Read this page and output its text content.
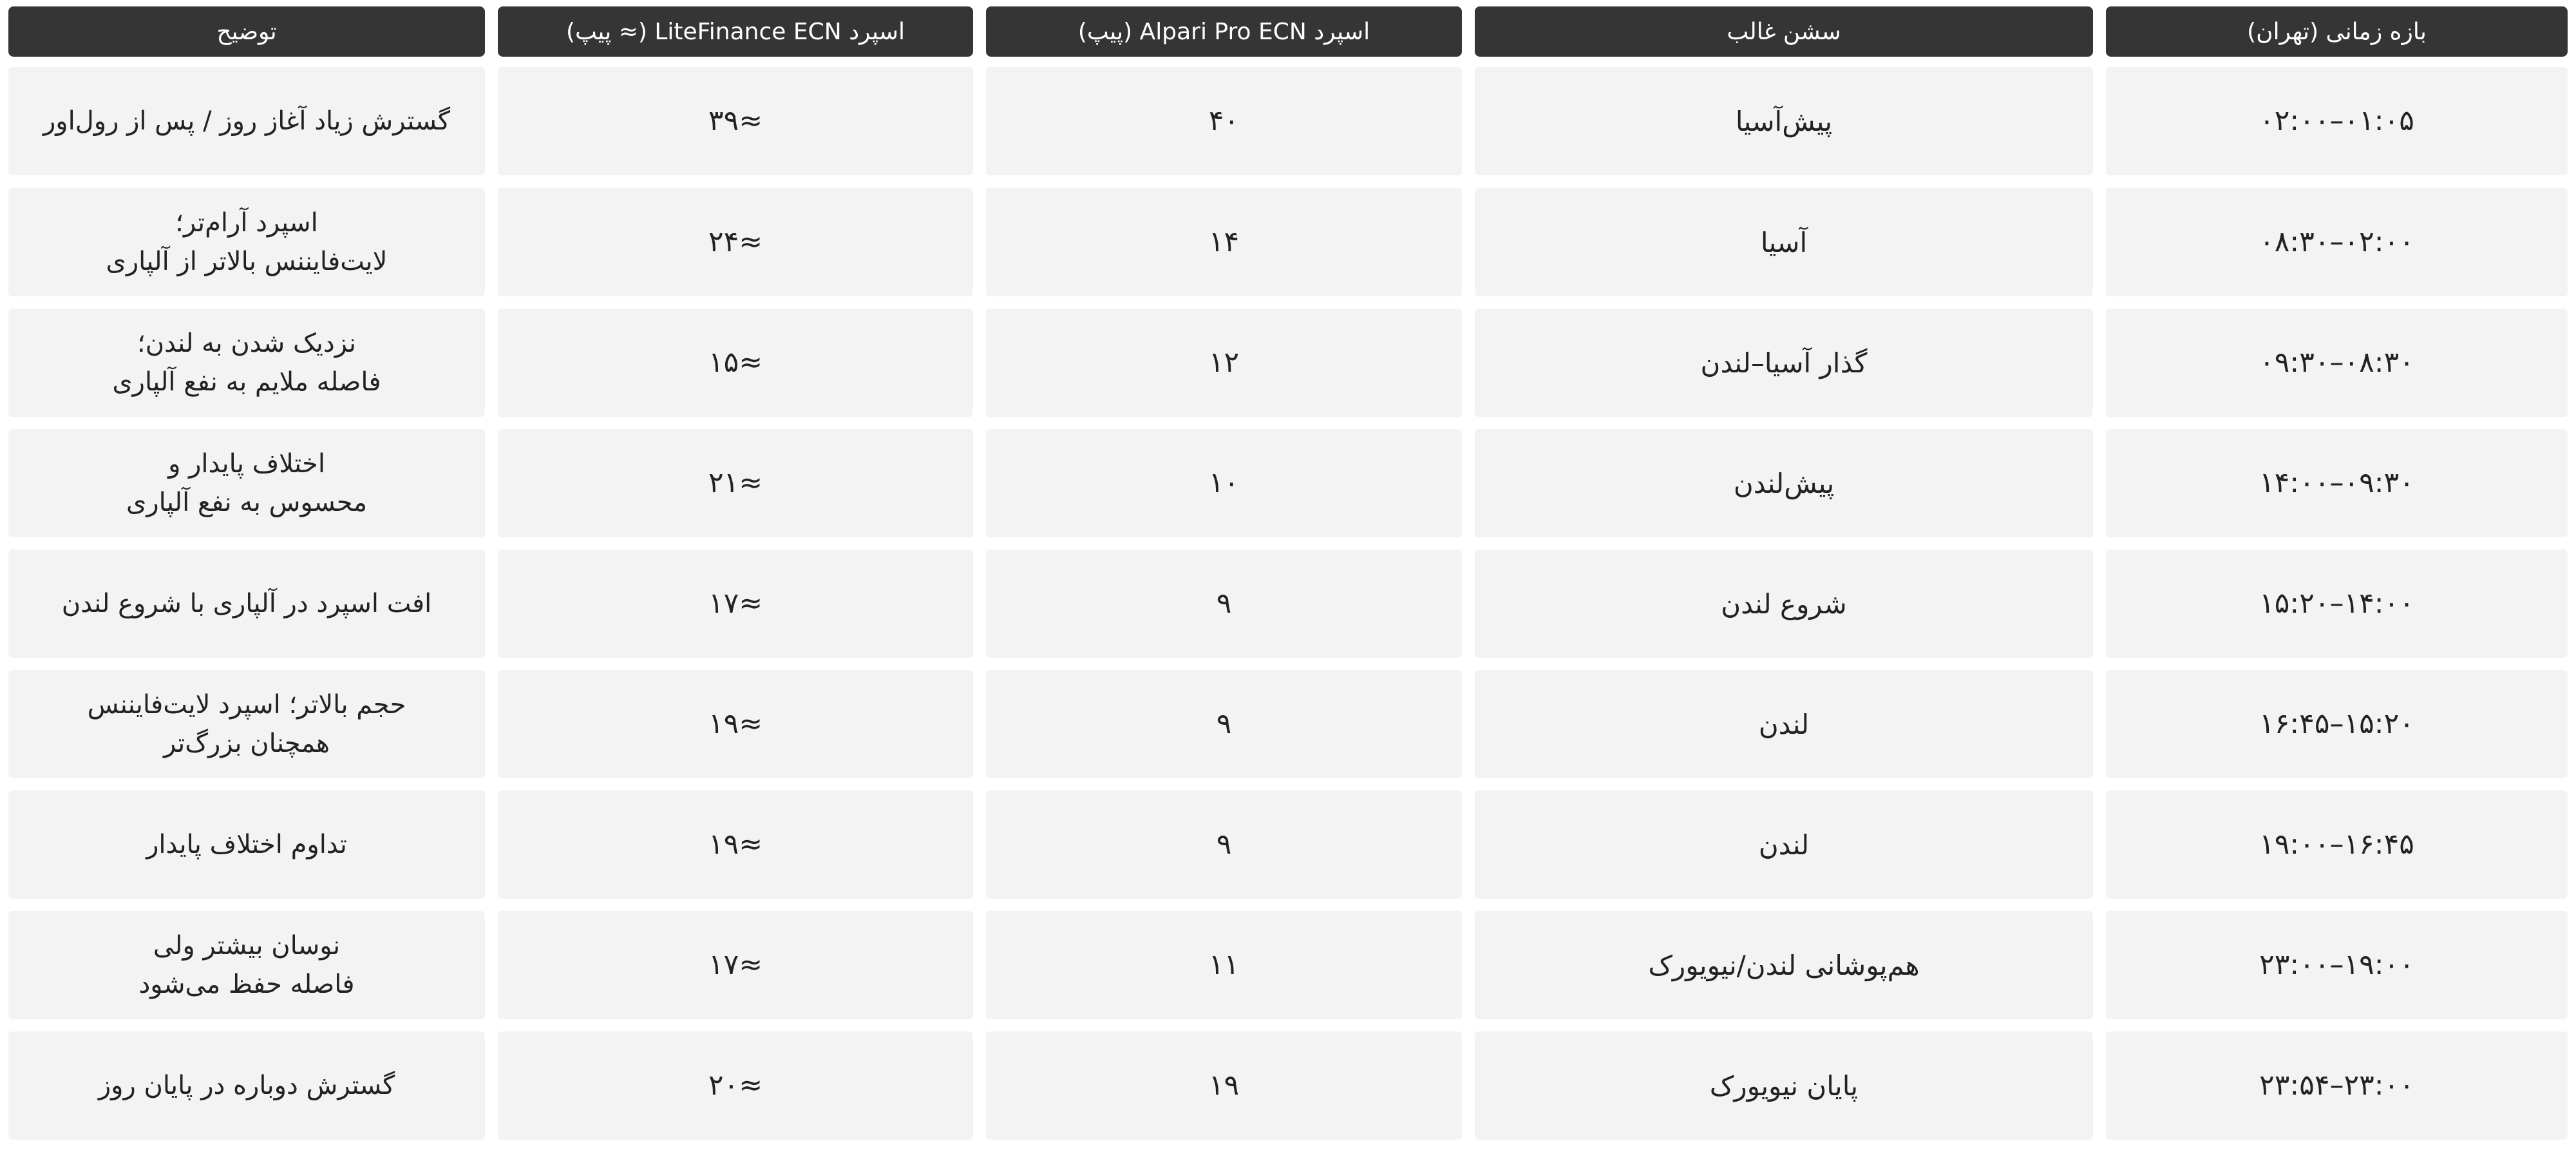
بازه زمانی (تهران)
سشن غالب
اسپرد Alpari Pro ECN (پیپ)
اسپرد LiteFinance ECN (≈ پیپ)
توضیح
۰۱:۰۵–۰۲:۰۰
پیش‌آسیا
۴۰
≈۳۹
گسترش زیاد آغاز روز / پس از رول‌اور
۰۲:۰۰–۰۸:۳۰
آسیا
۱۴
≈۲۴
اسپرد آرام‌تر؛
لایت‌فایننس بالاتر از آلپاری
۰۸:۳۰–۰۹:۳۰
گذار آسیا–لندن
۱۲
≈۱۵
نزدیک شدن به لندن؛
فاصله ملایم به نفع آلپاری
۰۹:۳۰–۱۴:۰۰
پیش‌لندن
۱۰
≈۲۱
اختلاف پایدار و
محسوس به نفع آلپاری
۱۴:۰۰–۱۵:۲۰
شروع لندن
۹
≈۱۷
افت اسپرد در آلپاری با شروع لندن
۱۵:۲۰–۱۶:۴۵
لندن
۹
≈۱۹
حجم بالاتر؛ اسپرد لایت‌فایننس
همچنان بزرگ‌تر
۱۶:۴۵–۱۹:۰۰
لندن
۹
≈۱۹
تداوم اختلاف پایدار
۱۹:۰۰–۲۳:۰۰
هم‌پوشانی لندن/نیویورک
۱۱
≈۱۷
نوسان بیشتر ولی
فاصله حفظ می‌شود
۲۳:۰۰–۲۳:۵۴
پایان نیویورک
۱۹
≈۲۰
گسترش دوباره در پایان روز
